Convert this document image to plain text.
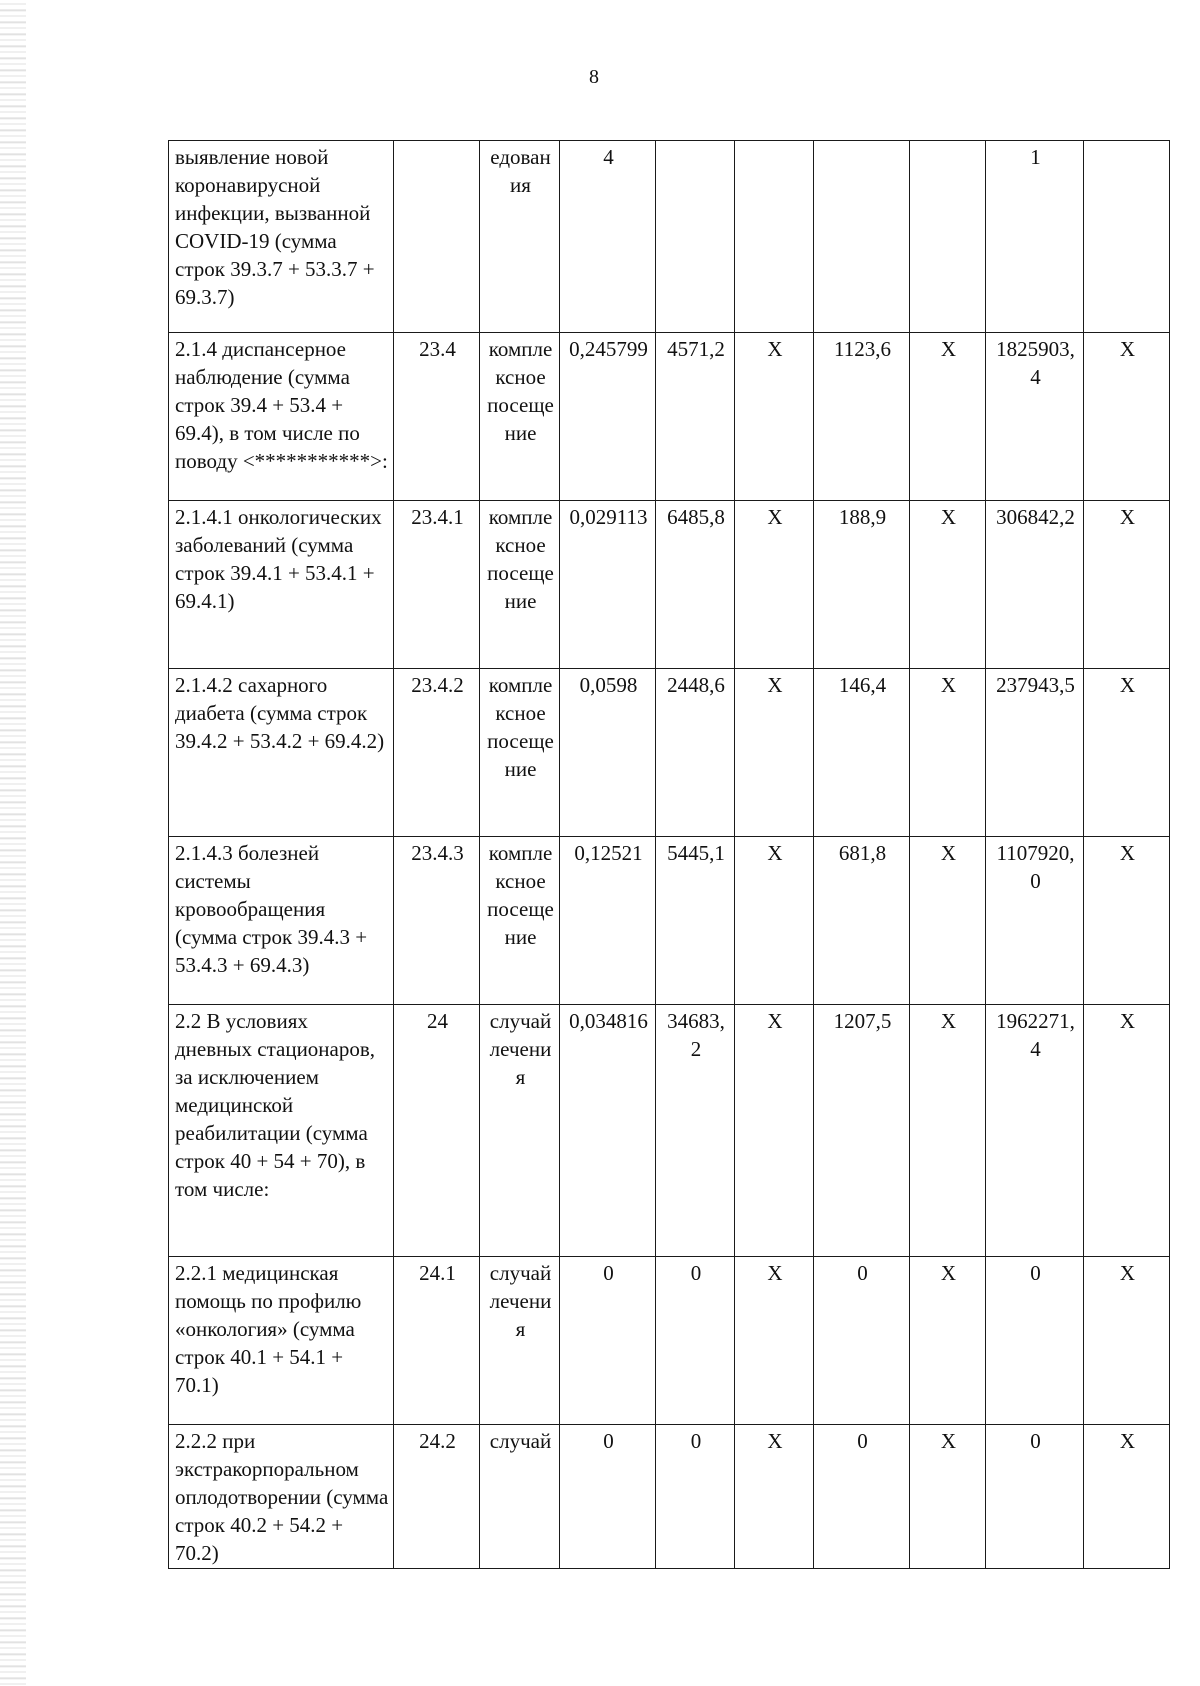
8
выявление новой коронавирусной инфекции, вызванной COVID-19 (сумма строк 39.3.7 + 53.3.7 + 69.3.7)		едования	4					1	
2.1.4 диспансерное наблюдение (сумма строк 39.4 + 53.4 + 69.4), в том числе по поводу <***********>:	23.4	комплексное посещение	0,245799	4571,2	Х	1123,6	Х	1825903,4	Х
2.1.4.1 онкологических заболеваний (сумма строк 39.4.1 + 53.4.1 + 69.4.1)	23.4.1	комплексное посещение	0,029113	6485,8	Х	188,9	Х	306842,2	Х
2.1.4.2 сахарного диабета (сумма строк 39.4.2 + 53.4.2 + 69.4.2)	23.4.2	комплексное посещение	0,0598	2448,6	Х	146,4	Х	237943,5	Х
2.1.4.3 болезней системы кровообращения (сумма строк 39.4.3 + 53.4.3 + 69.4.3)	23.4.3	комплексное посещение	0,12521	5445,1	Х	681,8	Х	1107920,0	Х
2.2 В условиях дневных стационаров, за исключением медицинской реабилитации (сумма строк 40 + 54 + 70), в том числе:	24	случай лечения	0,034816	34683,2	Х	1207,5	Х	1962271,4	Х
2.2.1 медицинская помощь по профилю «онкология» (сумма строк 40.1 + 54.1 + 70.1)	24.1	случай лечения	0	0	Х	0	Х	0	Х
2.2.2 при экстракорпоральном оплодотворении (сумма строк 40.2 + 54.2 + 70.2)	24.2	случай	0	0	Х	0	Х	0	Х
